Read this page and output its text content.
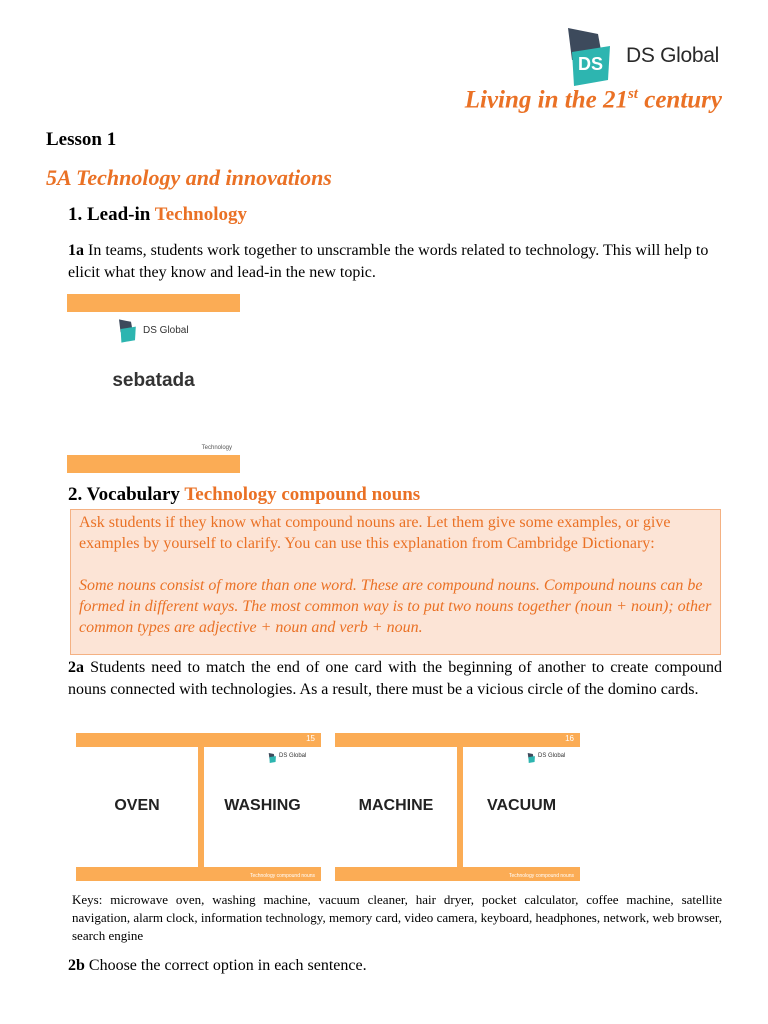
DS DS Global
Living in the 21st century
Lesson 1
5A Technology and innovations
1. Lead-in Technology
1a In teams, students work together to unscramble the words related to technology. This will help to elicit what they know and lead-in the new topic.
DS Global
sebatada
Technology
2. Vocabulary Technology compound nouns

Ask students if they know what compound nouns are. Let them give some examples, or give examples by yourself to clarify. You can use this explanation from Cambridge Dictionary:

Some nouns consist of more than one word. These are compound nouns. Compound nouns can be formed in different ways. The most common way is to put two nouns together (noun + noun); other common types are adjective + noun and verb + noun.

2a Students need to match the end of one card with the beginning of another to create compound nouns connected with technologies. As a result, there must be a vicious circle of the domino cards.
15
DS Global
OVEN	WASHING
Technology compound nouns
16
DS Global
MACHINE	VACUUM
Technology compound nouns
Keys: microwave oven, washing machine, vacuum cleaner, hair dryer, pocket calculator, coffee machine, satellite navigation, alarm clock, information technology, memory card, video camera, keyboard, headphones, network, web browser, search engine
2b Choose the correct option in each sentence.
